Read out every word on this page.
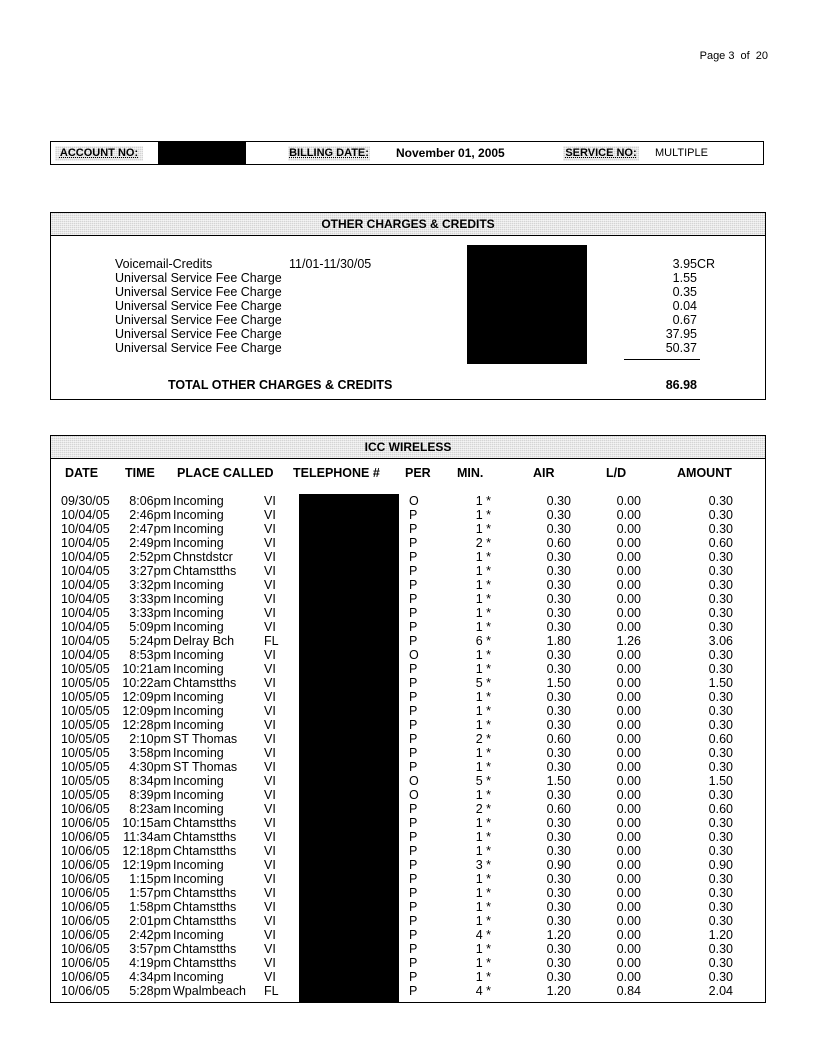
Page 3 of 20
ACCOUNT NO:	BILLING DATE: November 01, 2005	SERVICE NO: MULTIPLE
OTHER CHARGES & CREDITS
Voicemail-Credits	11/01-11/30/05	3.95CR
Universal Service Fee Charge	1.55
Universal Service Fee Charge	0.35
Universal Service Fee Charge	0.04
Universal Service Fee Charge	0.67
Universal Service Fee Charge	37.95
Universal Service Fee Charge	50.37
TOTAL OTHER CHARGES & CREDITS	86.98
ICC WIRELESS
DATE TIME PLACE CALLED TELEPHONE # PER MIN.	AIR	L/D	AMOUNT
09/30/05	8:06pm Incoming	VI	O	1 *	0.30	0.00	0.30
10/04/05	2:46pm Incoming	VI	P	1 *	0.30	0.00	0.30
10/04/05	2:47pm Incoming	VI	P	1 *	0.30	0.00	0.30
10/04/05	2:49pm Incoming	VI	P	2 *	0.60	0.00	0.60
10/04/05	2:52pm Chnstdstcr	VI	P	1 *	0.30	0.00	0.30
10/04/05	3:27pm Chtamstths VI	P	1 *	0.30	0.00	0.30
10/04/05	3:32pm Incoming	VI	P	1 *	0.30	0.00	0.30
10/04/05	3:33pm Incoming	VI	P	1 *	0.30	0.00	0.30
10/04/05	3:33pm Incoming	VI	P	1 *	0.30	0.00	0.30
10/04/05	5:09pm Incoming	VI	P	1 *	0.30	0.00	0.30
10/04/05	5:24pm Delray Bch FL	P	6 *	1.80	1.26	3.06
10/04/05	8:53pm Incoming	VI	O	1 *	0.30	0.00	0.30
10/05/05 10:21am Incoming	VI	P	1 *	0.30	0.00	0.30
10/05/05 10:22am Chtamstths VI	P	5 *	1.50	0.00	1.50
10/05/05 12:09pm Incoming	VI	P	1 *	0.30	0.00	0.30
10/05/05 12:09pm Incoming	VI	P	1 *	0.30	0.00	0.30
10/05/05 12:28pm Incoming	VI	P	1 *	0.30	0.00	0.30
10/05/05	2:10pm ST Thomas VI	P	2 *	0.60	0.00	0.60
10/05/05	3:58pm Incoming	VI	P	1 *	0.30	0.00	0.30
10/05/05	4:30pm ST Thomas VI	P	1 *	0.30	0.00	0.30
10/05/05	8:34pm Incoming	VI	O	5 *	1.50	0.00	1.50
10/05/05	8:39pm Incoming	VI	O	1 *	0.30	0.00	0.30
10/06/05	8:23am Incoming	VI	P	2 *	0.60	0.00	0.60
10/06/05 10:15am Chtamstths VI	P	1 *	0.30	0.00	0.30
10/06/05	11:34am Chtamstths VI	P	1 *	0.30	0.00	0.30
10/06/05 12:18pm Chtamstths VI	P	1 *	0.30	0.00	0.30
10/06/05 12:19pm Incoming	VI	P	3 *	0.90	0.00	0.90
10/06/05	1:15pm Incoming	VI	P	1 *	0.30	0.00	0.30
10/06/05	1:57pm Chtamstths VI	P	1 *	0.30	0.00	0.30
10/06/05	1:58pm Chtamstths VI	P	1 *	0.30	0.00	0.30
10/06/05	2:01pm Chtamstths VI	P	1 *	0.30	0.00	0.30
10/06/05	2:42pm Incoming	VI	P	4 *	1.20	0.00	1.20
10/06/05	3:57pm Chtamstths VI	P	1 *	0.30	0.00	0.30
10/06/05	4:19pm Chtamstths VI	P	1 *	0.30	0.00	0.30
10/06/05	4:34pm Incoming	VI	P	1 *	0.30	0.00	0.30
10/06/05	5:28pm Wpalmbeach FL	P	4 *	1.20	0.84	2.04
